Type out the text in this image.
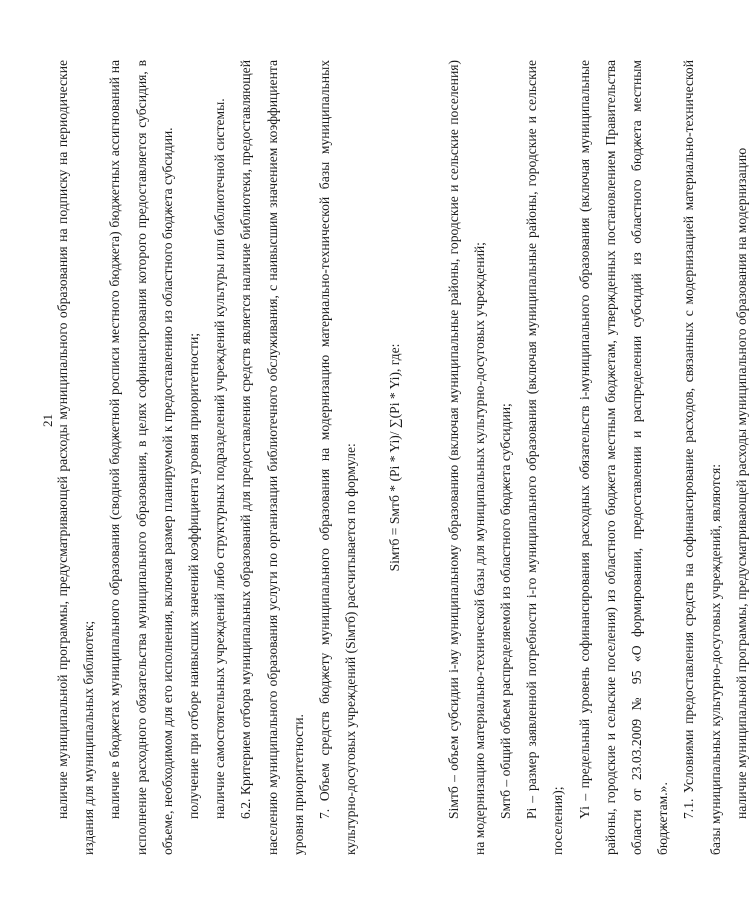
21 наличие муниципальной программы, предусматривающей расходы муниципального образования на подписку на периодические издания для муниципальных библиотек; наличие в бюджетах муниципального образования (сводной бюджетной росписи местного бюджета) бюджетных ассигнований на исполнение расходного обязательства муниципального образования, в целях софинансирования которого предоставляется субсидия, в объеме, необходимом для его исполнения, включая размер планируемой к предоставлению из областного бюджета субсидии. получение при отборе наивысших значений коэффициента уровня приоритетности; наличие самостоятельных учреждений либо структурных подразделений учреждений культуры или библиотечной системы. 6.2. Критерием отбора муниципальных образований для предоставления средств является наличие библиотеки, предоставляющей населению муниципального образования услуги по организации библиотечного обслуживания, с наивысшим значением коэффициента уровня приоритетности. 7. Объем средств бюджету муниципального образования на модернизацию материально-технической базы муниципальных культурно-досуговых учреждений (Siмтб) рассчитывается по формуле:	Siмтб = Sмтб * (Pi * Yi)/ ∑(Pi * Yi), где:	Siмтб – объем субсидии i-му муниципальному образованию (включая муниципальные районы, городские и сельские поселения) на модернизацию материально-технической базы для муниципальных культурно-досуговых учреждений; Sмтб – общий объем распределяемой из областного бюджета субсидии; Pi – размер заявленной потребности i-го муниципального образования (включая муниципальные районы, городские и сельские поселения);

Yi – предельный уровень софинансирования расходных обязательств i-муниципального образования (включая муниципальные районы, городские и сельские поселения) из областного бюджета местным бюджетам, утвержденных постановлением Правительства области от 23.03.2009 № 95 «О формировании, предоставлении и распределении субсидий из областного бюджета местным бюджетам.». 7.1. Условиями предоставления средств на софинансирование расходов, связанных с модернизацией материально-технической базы муниципальных культурно-досуговых учреждений, являются: наличие муниципальной программы, предусматривающей расходы муниципального образования на модернизацию
